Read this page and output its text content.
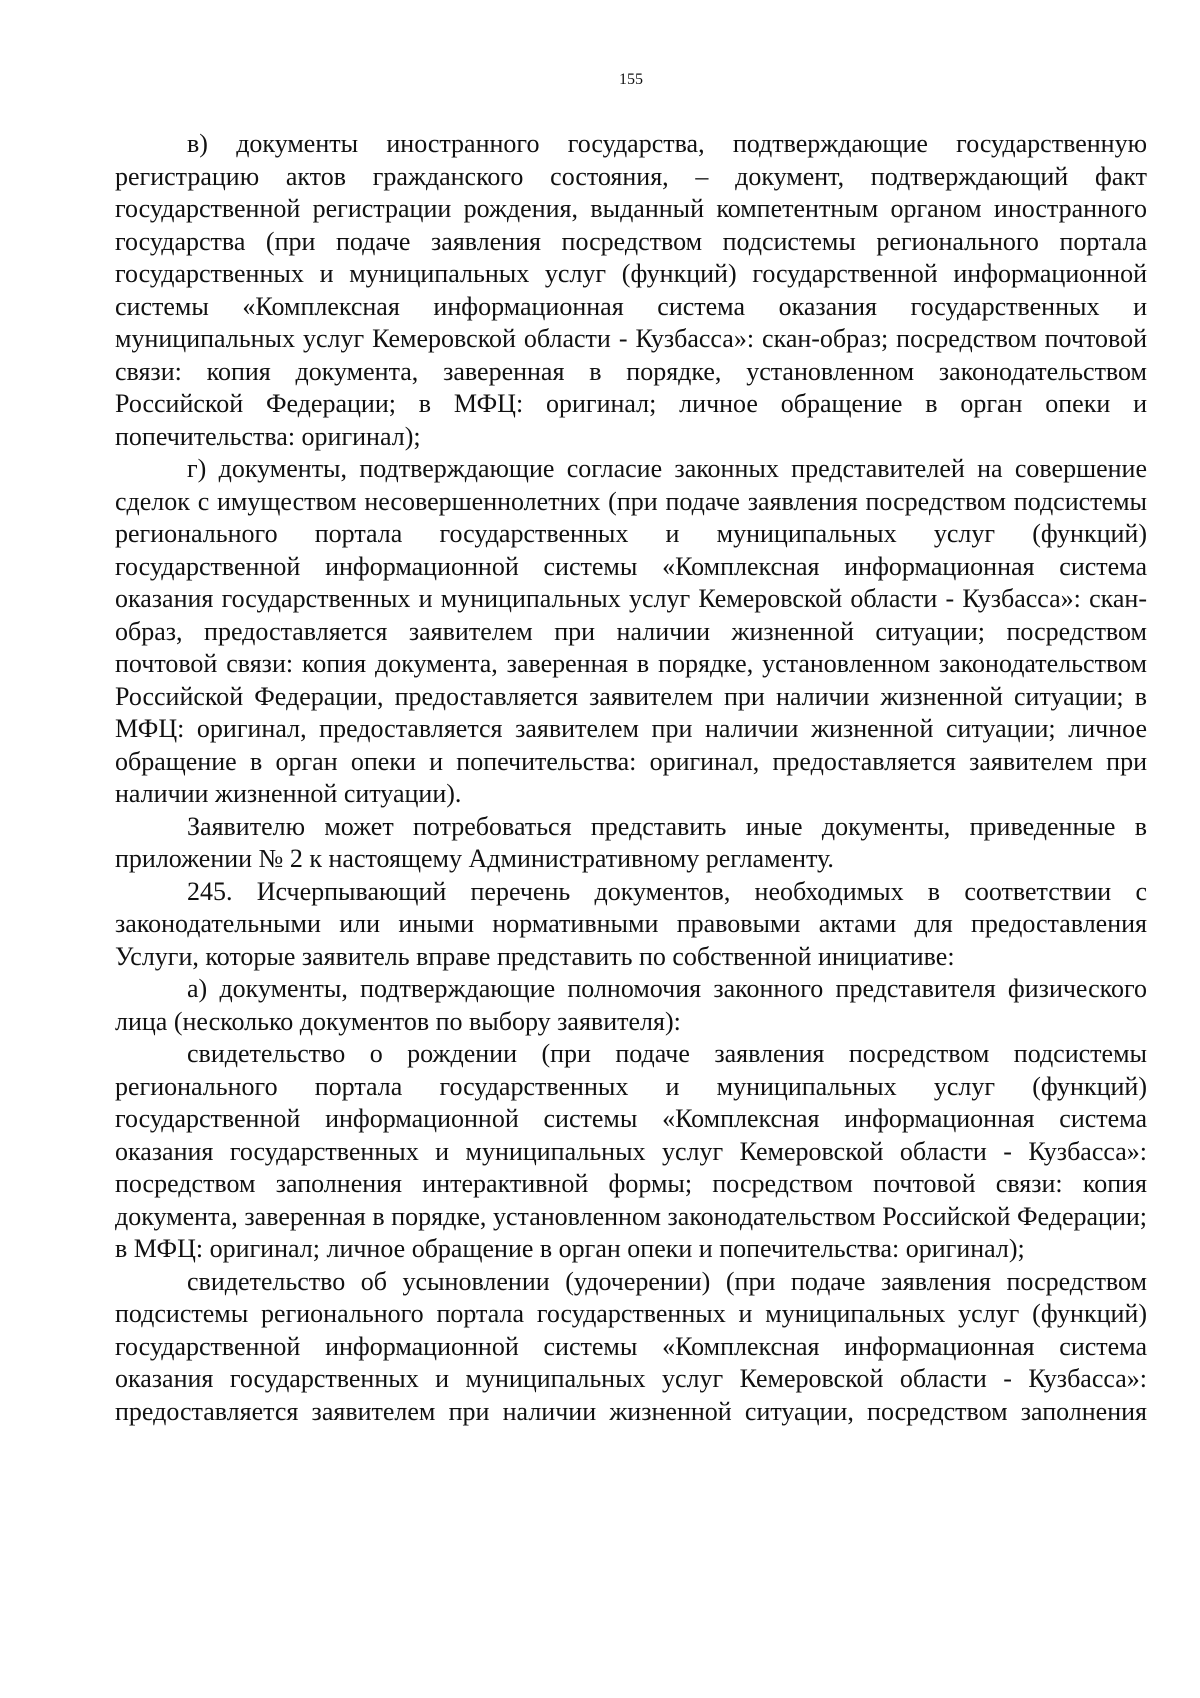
155

в) документы иностранного государства, подтверждающие государственную регистрацию актов гражданского состояния, – документ, подтверждающий факт государственной регистрации рождения, выданный компетентным органом иностранного государства (при подаче заявления посредством подсистемы регионального портала государственных и муниципальных услуг (функций) государственной информационной системы «Комплексная информационная система оказания государственных и муниципальных услуг Кемеровской области - Кузбасса»: скан-образ; посредством почтовой связи: копия документа, заверенная в порядке, установленном законодательством Российской Федерации; в МФЦ: оригинал; личное обращение в орган опеки и попечительства: оригинал);

г) документы, подтверждающие согласие законных представителей на совершение сделок с имуществом несовершеннолетних (при подаче заявления посредством подсистемы регионального портала государственных и муниципальных услуг (функций) государственной информационной системы «Комплексная информационная система оказания государственных и муниципальных услуг Кемеровской области - Кузбасса»: скан-образ, предоставляется заявителем при наличии жизненной ситуации; посредством почтовой связи: копия документа, заверенная в порядке, установленном законодательством Российской Федерации, предоставляется заявителем при наличии жизненной ситуации; в МФЦ: оригинал, предоставляется заявителем при наличии жизненной ситуации; личное обращение в орган опеки и попечительства: оригинал, предоставляется заявителем при наличии жизненной ситуации).

Заявителю может потребоваться представить иные документы, приведенные в приложении № 2 к настоящему Административному регламенту.

245. Исчерпывающий перечень документов, необходимых в соответствии с законодательными или иными нормативными правовыми актами для предоставления Услуги, которые заявитель вправе представить по собственной инициативе:

а) документы, подтверждающие полномочия законного представителя физического лица (несколько документов по выбору заявителя):

свидетельство о рождении (при подаче заявления посредством подсистемы регионального портала государственных и муниципальных услуг (функций) государственной информационной системы «Комплексная информационная система оказания государственных и муниципальных услуг Кемеровской области - Кузбасса»: посредством заполнения интерактивной формы; посредством почтовой связи: копия документа, заверенная в порядке, установленном законодательством Российской Федерации; в МФЦ: оригинал; личное обращение в орган опеки и попечительства: оригинал);

свидетельство об усыновлении (удочерении) (при подаче заявления посредством подсистемы регионального портала государственных и муниципальных услуг (функций) государственной информационной системы «Комплексная информационная система оказания государственных и муниципальных услуг Кемеровской области - Кузбасса»: предоставляется заявителем при наличии жизненной ситуации, посредством заполнения
